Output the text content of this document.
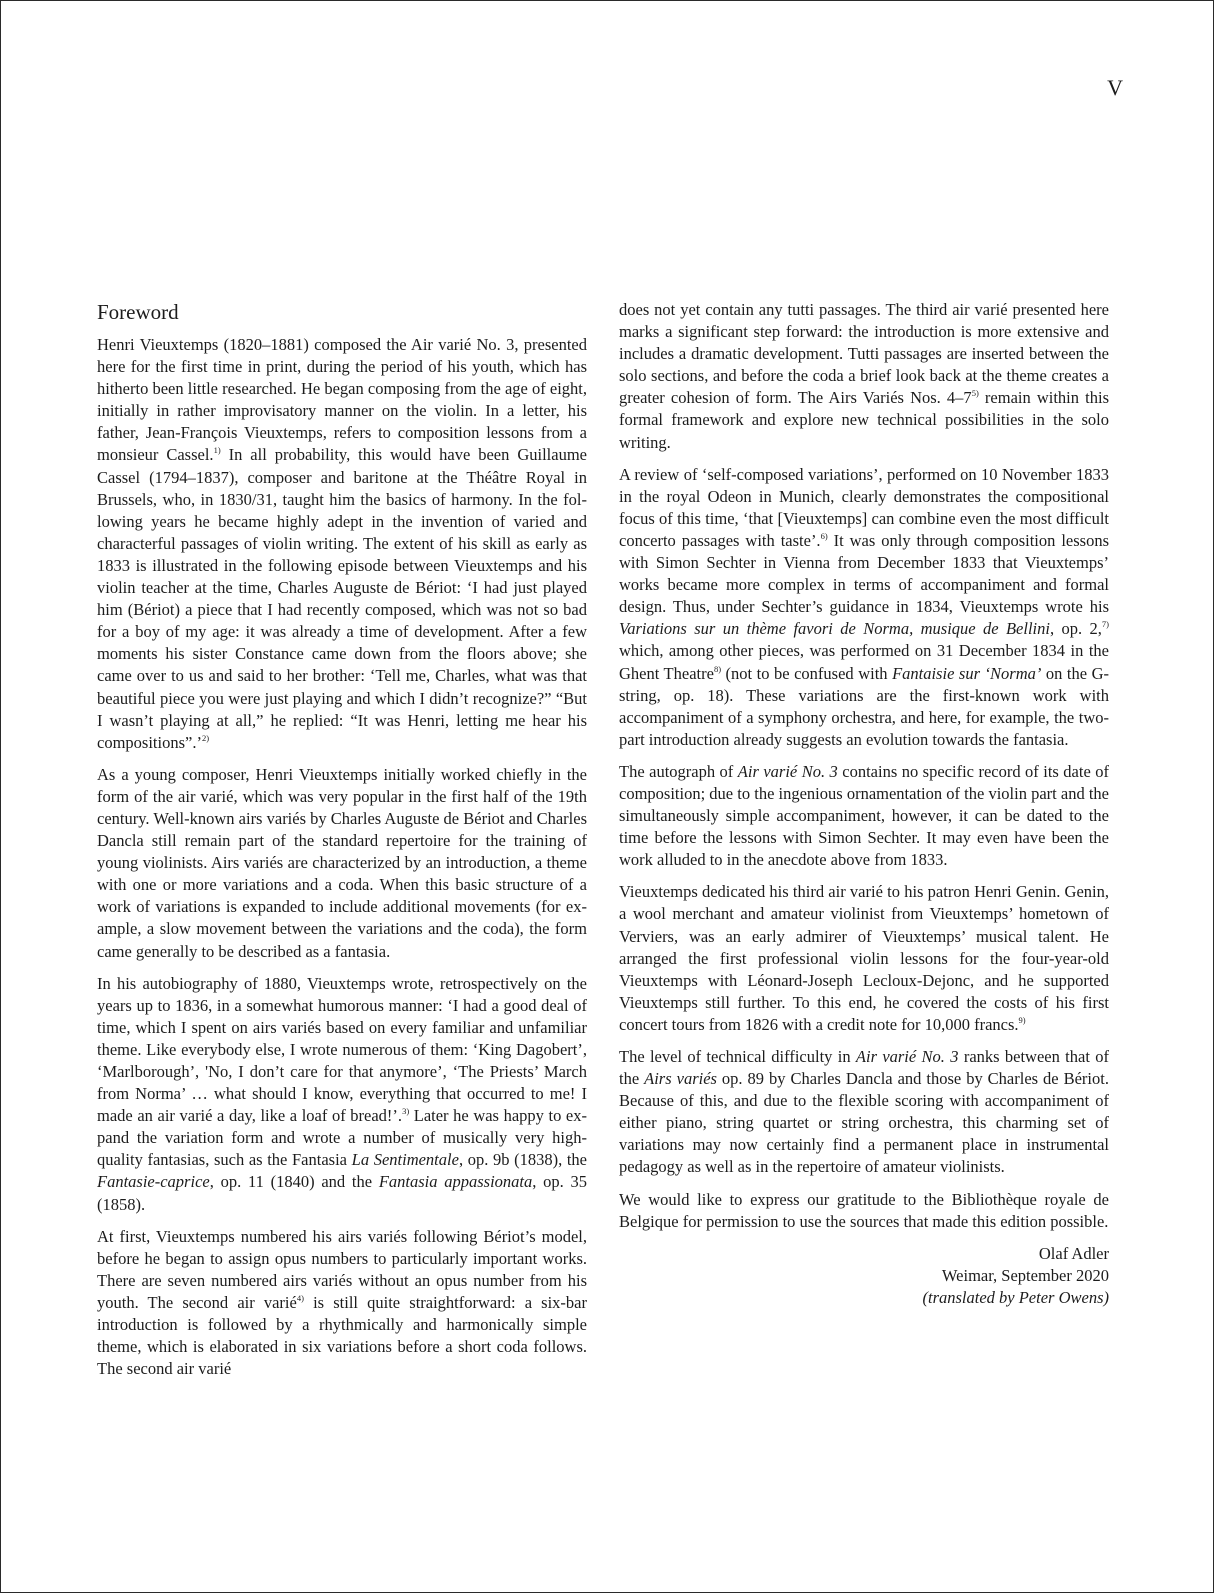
V
Foreword

Henri Vieuxtemps (1820–1881) composed the Air varié No. 3, presented here for the first time in print, during the period of his youth, which has hitherto been little researched. He began composing from the age of eight, initially in rather improvisatory manner on the violin. In a letter, his father, Jean-François Vieuxtemps, refers to composition lessons from a monsieur Cassel.$^{1)}$ In all probability, this would have been Guillaume Cassel (1794–1837), composer and baritone at the Théâtre Royal in Brussels, who, in 1830/31, taught him the basics of harmony. In the following years he became highly adept in the invention of varied and characterful passages of violin writing. The extent of his skill as early as 1833 is illustrated in the following episode between Vieuxtemps and his violin teacher at the time, Charles Auguste de Bériot: ‘I had just played him (Bériot) a piece that I had recently composed, which was not so bad for a boy of my age: it was already a time of development. After a few moments his sister Constance came down from the floors above; she came over to us and said to her brother: ‘Tell me, Charles, what was that beautiful piece you were just playing and which I didn’t recognize?” “But I wasn’t playing at all,” he replied: “It was Henri, letting me hear his compositions”.’$^{2)}$

As a young composer, Henri Vieuxtemps initially worked chiefly in the form of the air varié, which was very popular in the first half of the 19th century. Well-known airs variés by Charles Auguste de Bériot and Charles Dancla still remain part of the standard repertoire for the training of young violinists. Airs variés are characterized by an introduction, a theme with one or more variations and a coda. When this basic structure of a work of variations is expanded to include additional movements (for example, a slow movement between the variations and the coda), the form came generally to be described as a fantasia.

In his autobiography of 1880, Vieuxtemps wrote, retrospectively on the years up to 1836, in a somewhat humorous manner: ‘I had a good deal of time, which I spent on airs variés based on every familiar and unfamiliar theme. Like everybody else, I wrote numerous of them: ‘King Dagobert’, ‘Marlborough’, 'No, I don’t care for that anymore’, ‘The Priests’ March from Norma’ … what should I know, everything that occurred to me! I made an air varié a day, like a loaf of bread!’.$^{3)}$ Later he was happy to expand the variation form and wrote a number of musically very high-quality fantasias, such as the Fantasia La Sentimentale, op. 9b (1838), the Fantasie-caprice, op. 11 (1840) and the Fantasia appassionata, op. 35 (1858).

At first, Vieuxtemps numbered his airs variés following Bériot’s model, before he began to assign opus numbers to particularly important works. There are seven numbered airs variés without an opus number from his youth. The second air varié$^{4)}$ is still quite straightforward: a six-bar introduction is followed by a rhythmically and harmonically simple theme, which is elaborated in six variations before a short coda follows. The second air varié

does not yet contain any tutti passages. The third air varié presented here marks a significant step forward: the introduction is more extensive and includes a dramatic development. Tutti passages are inserted between the solo sections, and before the coda a brief look back at the theme creates a greater cohesion of form. The Airs Variés Nos. 4–7$^{5)}$ remain within this formal framework and explore new technical possibilities in the solo writing.

A review of ‘self-composed variations’, performed on 10 November 1833 in the royal Odeon in Munich, clearly demonstrates the compositional focus of this time, ‘that [Vieuxtemps] can combine even the most difficult concerto passages with taste’.$^{6)}$ It was only through composition lessons with Simon Sechter in Vienna from December 1833 that Vieuxtemps’ works became more complex in terms of accompaniment and formal design. Thus, under Sechter’s guidance in 1834, Vieuxtemps wrote his Variations sur un thème favori de Norma, musique de Bellini, op. 2,$^{7)}$ which, among other pieces, was performed on 31 December 1834 in the Ghent Theatre$^{8)}$ (not to be confused with Fantaisie sur ‘Norma’ on the G-string, op. 18). These variations are the first-known work with accompaniment of a symphony orchestra, and here, for example, the two-part introduction already suggests an evolution towards the fantasia.

The autograph of Air varié No. 3 contains no specific record of its date of composition; due to the ingenious ornamentation of the violin part and the simultaneously simple accompaniment, however, it can be dated to the time before the lessons with Simon Sechter. It may even have been the work alluded to in the anecdote above from 1833.

Vieuxtemps dedicated his third air varié to his patron Henri Genin. Genin, a wool merchant and amateur violinist from Vieuxtemps’ hometown of Verviers, was an early admirer of Vieuxtemps’ musical talent. He arranged the first professional violin lessons for the four-year-old Vieuxtemps with Léonard-Joseph Lecloux-Dejonc, and he supported Vieuxtemps still further. To this end, he covered the costs of his first concert tours from 1826 with a credit note for 10,000 francs.$^{9)}$

The level of technical difficulty in Air varié No. 3 ranks between that of the Airs variés op. 89 by Charles Dancla and those by Charles de Bériot. Because of this, and due to the flexible scoring with accompaniment of either piano, string quartet or string orchestra, this charming set of variations may now certainly find a permanent place in instrumental pedagogy as well as in the repertoire of amateur violinists.

We would like to express our gratitude to the Bibliothèque royale de Belgique for permission to use the sources that made this edition possible.

Olaf Adler
Weimar, September 2020
(translated by Peter Owens)
